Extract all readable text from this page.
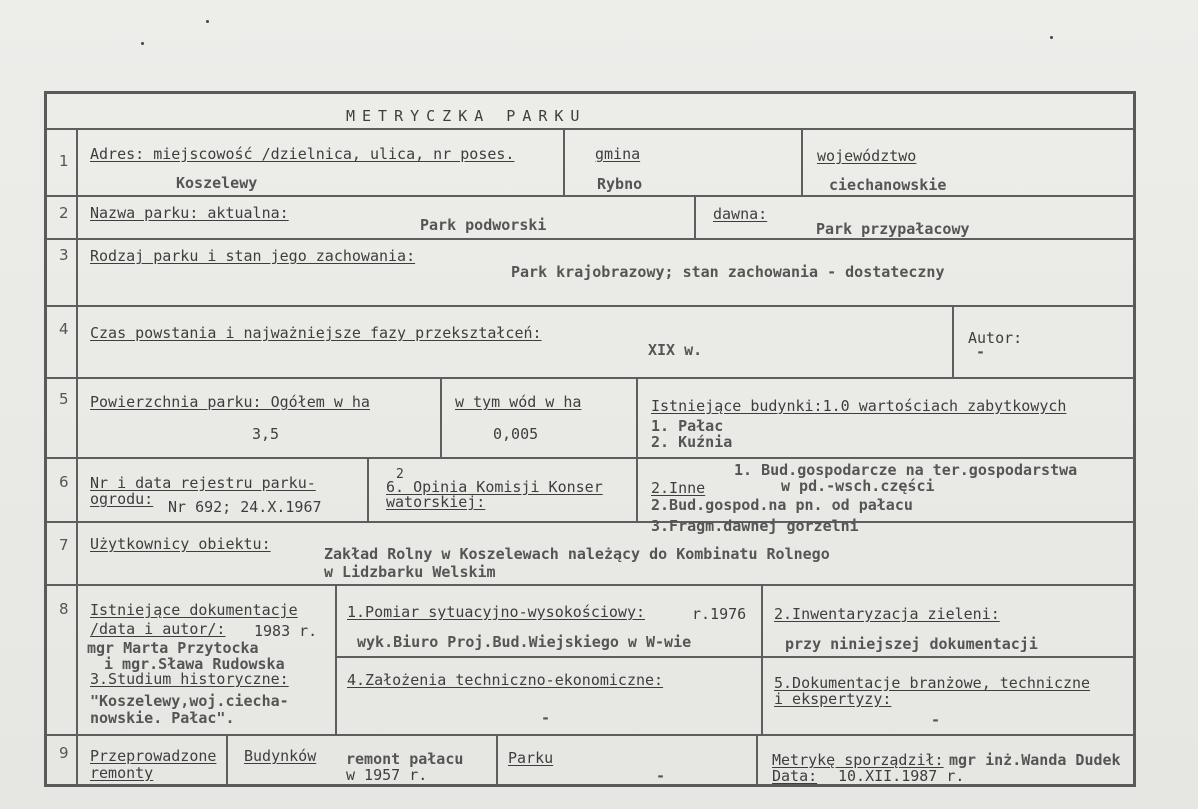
METRYCZKA PARKU
1
2
3
4
5
6
7
8
9
Adres: miejscowość /dzielnica, ulica, nr poses.
Koszelewy
gmina
Rybno
województwo
ciechanowskie
Nazwa parku: aktualna:
Park podworski
dawna:
Park przypałacowy
Rodzaj parku i stan jego zachowania:
Park krajobrazowy; stan zachowania - dostateczny
Czas powstania i najważniejsze fazy przekształceń:
XIX w.
Autor:
-
Powierzchnia parku: Ogółem w ha
3,5
w tym wód w ha
0,005
Istniejące budynki:1.0 wartościach zabytkowych
1. Pałac
2. Kuźnia
Nr i data rejestru parku-
ogrodu: Nr 692; 24.X.1967
2
6. Opinia Komisji Konser
watorskiej:
2.Inne
1. Bud.gospodarcze na ter.gospodarstwa
w pd.-wsch.części
2.Bud.gospod.na pn. od pałacu
3.Fragm.dawnej gorzelni
Użytkownicy obiektu:
Zakład Rolny w Koszelewach należący do Kombinatu Rolnego
w Lidzbarku Welskim
Istniejące dokumentacje
/data i autor/: 1983 r.
mgr Marta Przytocka
i mgr.Sława Rudowska
3.Studium historyczne:
"Koszelewy,woj.ciecha-
nowskie. Pałac".
1.Pomiar sytuacyjno-wysokościowy:	r.1976
wyk.Biuro Proj.Bud.Wiejskiego w W-wie
2.Inwentaryzacja zieleni:
przy niniejszej dokumentacji
4.Założenia techniczno-ekonomiczne:
-
5.Dokumentacje branżowe, techniczne
i ekspertyzy:
-
Przeprowadzone
remonty
Budynków remont pałacu
w 1957 r.
Parku
-
Metrykę sporządził: mgr inż.Wanda Dudek
Data: 10.XII.1987 r.
